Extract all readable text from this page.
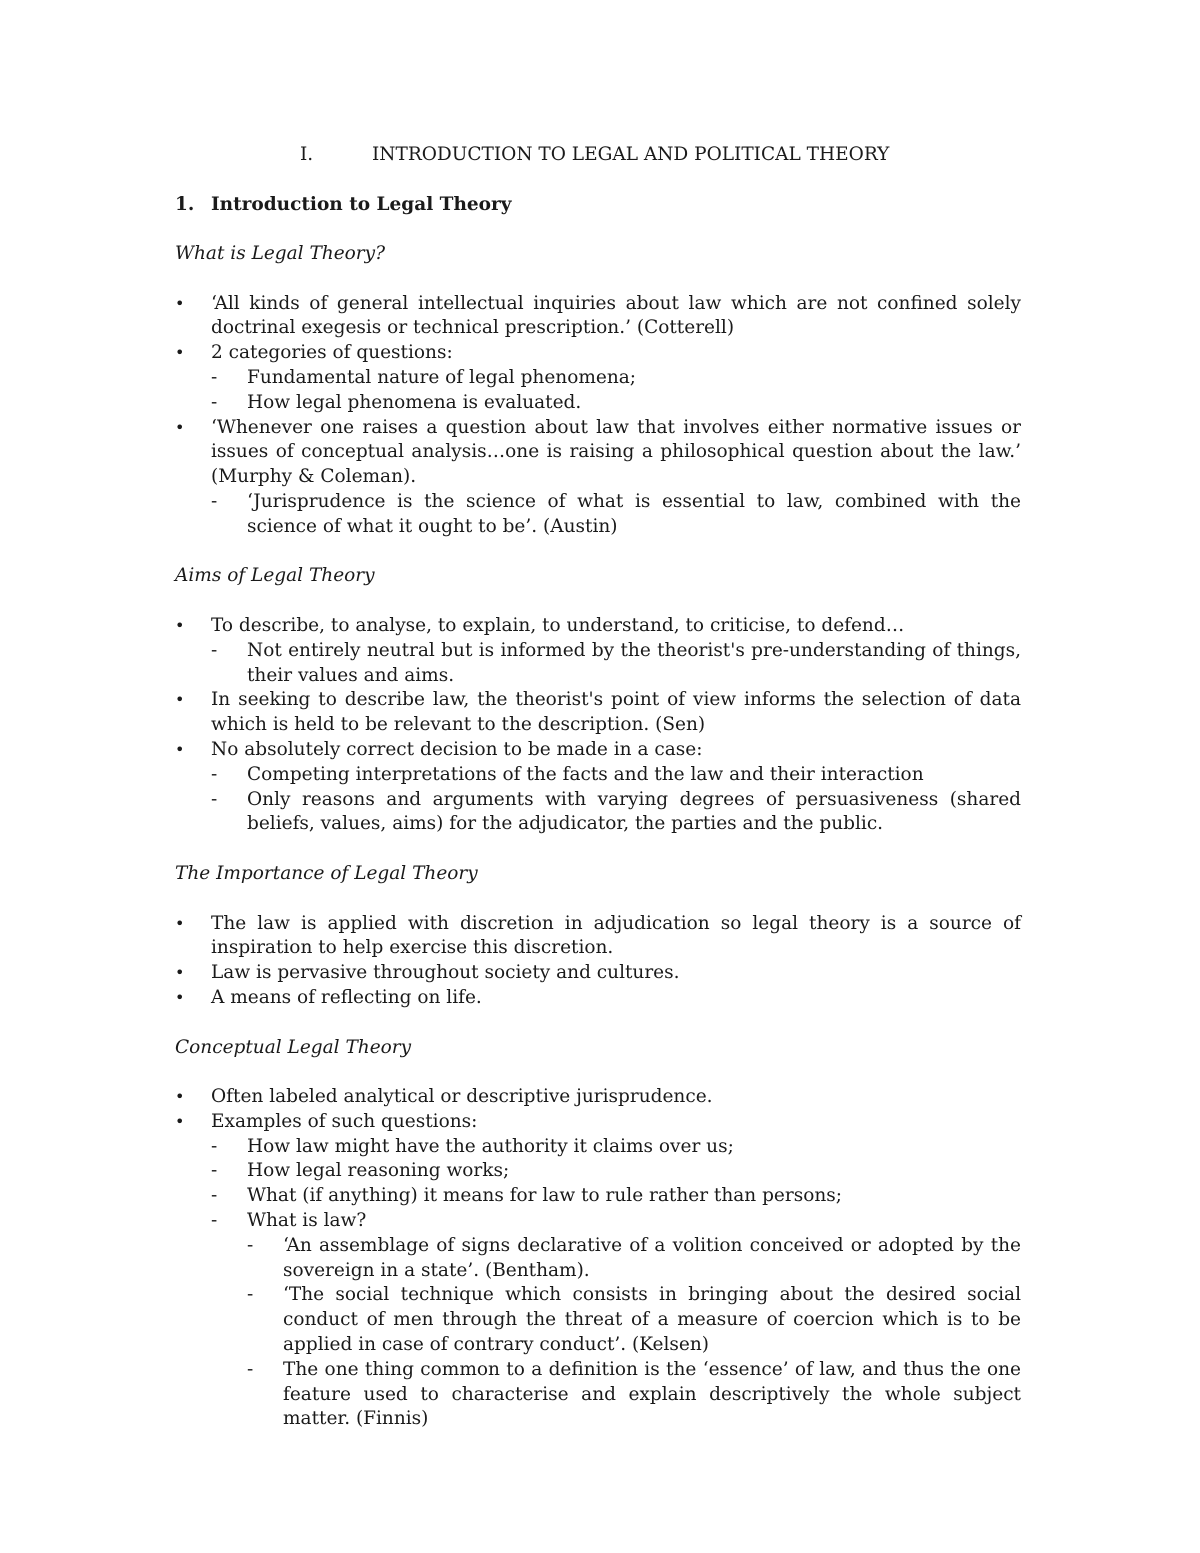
I.	INTRODUCTION TO LEGAL AND POLITICAL THEORY
1. Introduction to Legal Theory
What is Legal Theory?
•	‘All kinds of general intellectual inquiries about law which are not confined solely doctrinal exegesis or technical prescription.’ (Cotterell)
•	2 categories of questions:
- Fundamental nature of legal phenomena;
- How legal phenomena is evaluated.
•	‘Whenever one raises a question about law that involves either normative issues or issues of conceptual analysis…one is raising a philosophical question about the law.’ (Murphy & Coleman).
- ‘Jurisprudence is the science of what is essential to law, combined with the science of what it ought to be’. (Austin)
Aims of Legal Theory
•	To describe, to analyse, to explain, to understand, to criticise, to defend…
- Not entirely neutral but is informed by the theorist's pre-understanding of things, their values and aims.
•	In seeking to describe law, the theorist's point of view informs the selection of data which is held to be relevant to the description. (Sen)
•	No absolutely correct decision to be made in a case:
- Competing interpretations of the facts and the law and their interaction
- Only reasons and arguments with varying degrees of persuasiveness (shared beliefs, values, aims) for the adjudicator, the parties and the public.
The Importance of Legal Theory
•	The law is applied with discretion in adjudication so legal theory is a source of inspiration to help exercise this discretion.
•	Law is pervasive throughout society and cultures.
•	A means of reflecting on life.
Conceptual Legal Theory
•	Often labeled analytical or descriptive jurisprudence.
•	Examples of such questions:
- How law might have the authority it claims over us;
- How legal reasoning works;
- What (if anything) it means for law to rule rather than persons;
- What is law?
- ‘An assemblage of signs declarative of a volition conceived or adopted by the sovereign in a state’. (Bentham).
- ‘The social technique which consists in bringing about the desired social conduct of men through the threat of a measure of coercion which is to be applied in case of contrary conduct’. (Kelsen)
- The one thing common to a definition is the ‘essence’ of law, and thus the one feature used to characterise and explain descriptively the whole subject matter. (Finnis)
